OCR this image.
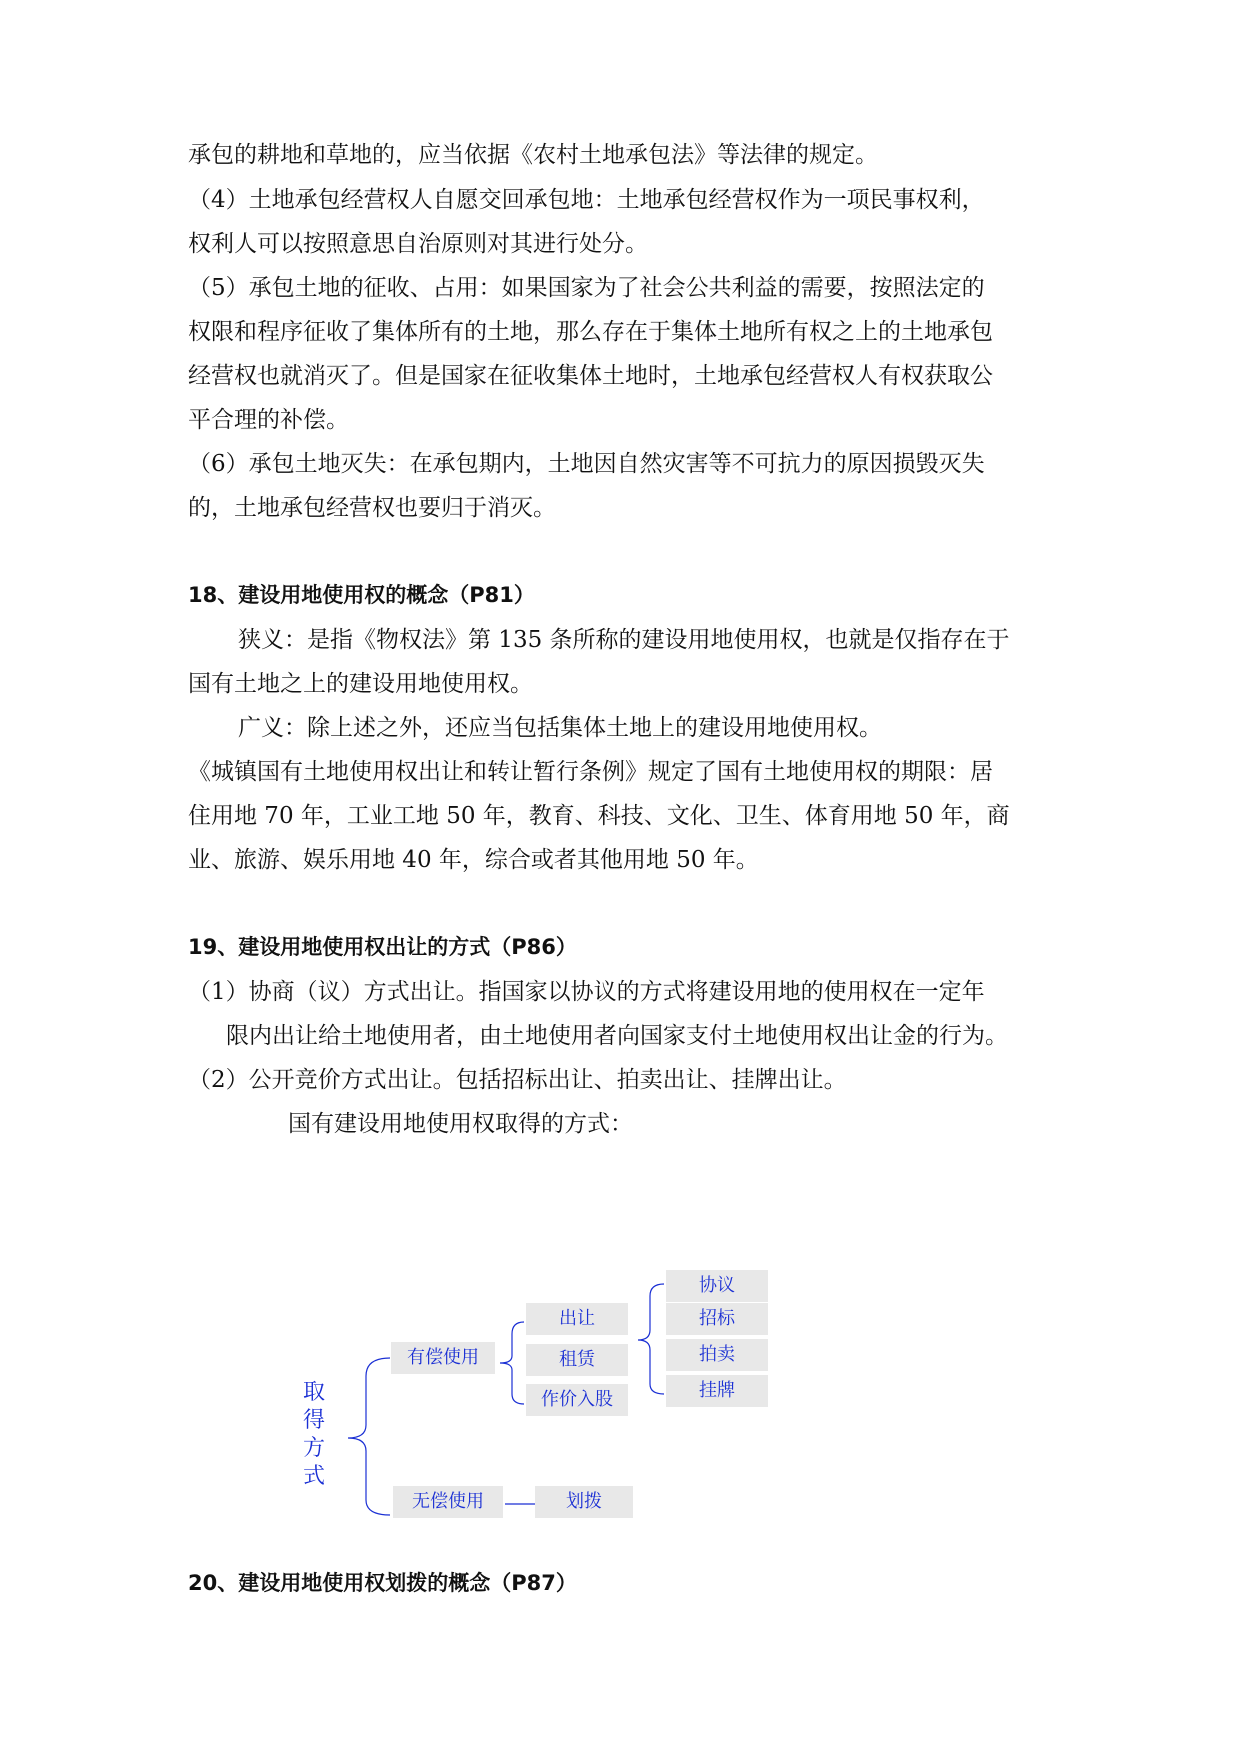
承包的耕地和草地的，应当依据《农村土地承包法》等法律的规定。
（4）土地承包经营权人自愿交回承包地：土地承包经营权作为一项民事权利，
权利人可以按照意思自治原则对其进行处分。
（5）承包土地的征收、占用：如果国家为了社会公共利益的需要，按照法定的
权限和程序征收了集体所有的土地，那么存在于集体土地所有权之上的土地承包
经营权也就消灭了。但是国家在征收集体土地时，土地承包经营权人有权获取公
平合理的补偿。
（6）承包土地灭失：在承包期内，土地因自然灾害等不可抗力的原因损毁灭失
的，土地承包经营权也要归于消灭。
18、建设用地使用权的概念（P81）
狭义：是指《物权法》第 135 条所称的建设用地使用权，也就是仅指存在于
国有土地之上的建设用地使用权。
广义：除上述之外，还应当包括集体土地上的建设用地使用权。
《城镇国有土地使用权出让和转让暂行条例》规定了国有土地使用权的期限：居
住用地 70 年，工业工地 50 年，教育、科技、文化、卫生、体育用地 50 年，商
业、旅游、娱乐用地 40 年，综合或者其他用地 50 年。
19、建设用地使用权出让的方式（P86）
（1）协商（议）方式出让。指国家以协议的方式将建设用地的使用权在一定年
限内出让给土地使用者，由土地使用者向国家支付土地使用权出让金的行为。
（2）公开竞价方式出让。包括招标出让、拍卖出让、挂牌出让。
国有建设用地使用权取得的方式：
取
得
方
式
有偿使用
出让
租赁
作价入股
协议
招标
拍卖
挂牌
无偿使用	划拨
20、建设用地使用权划拨的概念（P87）
